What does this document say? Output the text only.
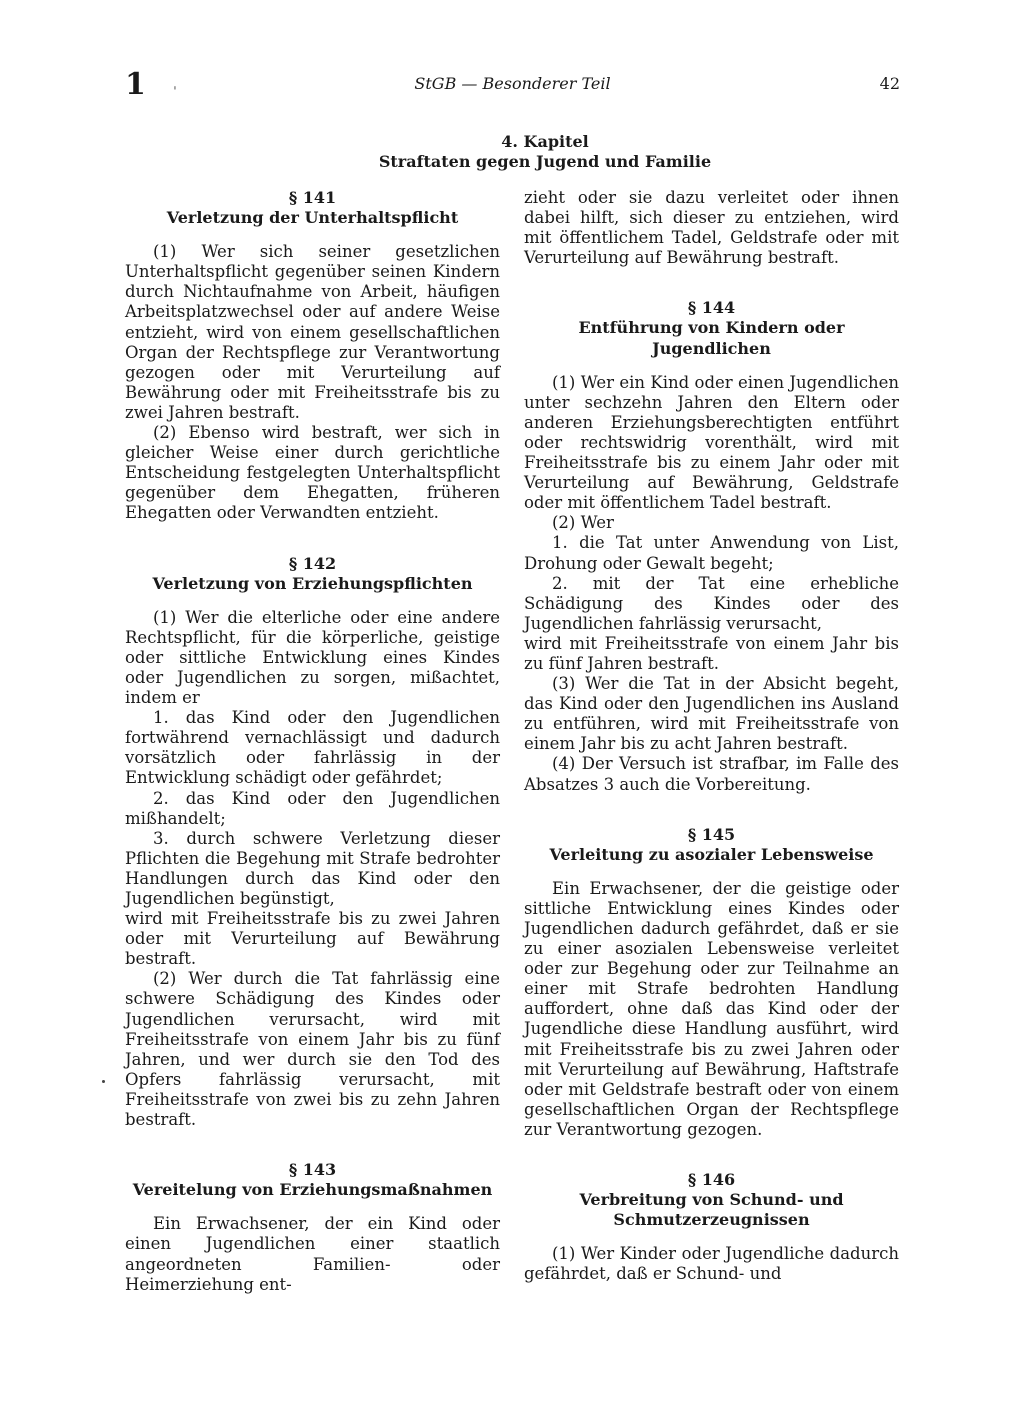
1 ˌ	StGB — Besonderer Teil	42
4. Kapitel
Straftaten gegen Jugend und Familie
§ 141
Verletzung der Unterhaltspflicht

(1) Wer sich seiner gesetzlichen Unterhaltspflicht gegenüber seinen Kindern durch Nichtaufnahme von Arbeit, häufigen Arbeitsplatzwechsel oder auf andere Weise entzieht, wird von einem gesellschaftlichen Organ der Rechtspflege zur Verantwortung gezogen oder mit Verurteilung auf Bewährung oder mit Freiheitsstrafe bis zu zwei Jahren bestraft.

(2) Ebenso wird bestraft, wer sich in gleicher Weise einer durch gerichtliche Entscheidung festgelegten Unterhaltspflicht gegenüber dem Ehegatten, früheren Ehegatten oder Verwandten entzieht.

§ 142
Verletzung von Erziehungspflichten

(1) Wer die elterliche oder eine andere Rechtspflicht, für die körperliche, geistige oder sittliche Entwicklung eines Kindes oder Jugendlichen zu sorgen, mißachtet, indem er

1. das Kind oder den Jugendlichen fortwährend vernachlässigt und dadurch vorsätzlich oder fahrlässig in der Entwicklung schädigt oder gefährdet;

2. das Kind oder den Jugendlichen mißhandelt;

3. durch schwere Verletzung dieser Pflichten die Begehung mit Strafe bedrohter Handlungen durch das Kind oder den Jugendlichen begünstigt,

wird mit Freiheitsstrafe bis zu zwei Jahren oder mit Verurteilung auf Bewährung bestraft.

(2) Wer durch die Tat fahrlässig eine schwere Schädigung des Kindes oder Jugendlichen verursacht, wird mit Freiheitsstrafe von einem Jahr bis zu fünf Jahren, und wer durch sie den Tod des Opfers fahrlässig verursacht, mit Freiheitsstrafe von zwei bis zu zehn Jahren bestraft.

§ 143
Vereitelung von Erziehungsmaßnahmen

Ein Erwachsener, der ein Kind oder einen Jugendlichen einer staatlich angeordneten Familien- oder Heimerziehung ent-

zieht oder sie dazu verleitet oder ihnen dabei hilft, sich dieser zu entziehen, wird mit öffentlichem Tadel, Geldstrafe oder mit Verurteilung auf Bewährung bestraft.

§ 144
Entführung von Kindern oder Jugendlichen

(1) Wer ein Kind oder einen Jugendlichen unter sechzehn Jahren den Eltern oder anderen Erziehungsberechtigten entführt oder rechtswidrig vorenthält, wird mit Freiheitsstrafe bis zu einem Jahr oder mit Verurteilung auf Bewährung, Geldstrafe oder mit öffentlichem Tadel bestraft.

(2) Wer

1. die Tat unter Anwendung von List, Drohung oder Gewalt begeht;

2. mit der Tat eine erhebliche Schädigung des Kindes oder des Jugendlichen fahrlässig verursacht,

wird mit Freiheitsstrafe von einem Jahr bis zu fünf Jahren bestraft.

(3) Wer die Tat in der Absicht begeht, das Kind oder den Jugendlichen ins Ausland zu entführen, wird mit Freiheitsstrafe von einem Jahr bis zu acht Jahren bestraft.

(4) Der Versuch ist strafbar, im Falle des Absatzes 3 auch die Vorbereitung.

§ 145
Verleitung zu asozialer Lebensweise

Ein Erwachsener, der die geistige oder sittliche Entwicklung eines Kindes oder Jugendlichen dadurch gefährdet, daß er sie zu einer asozialen Lebensweise verleitet oder zur Begehung oder zur Teilnahme an einer mit Strafe bedrohten Handlung auffordert, ohne daß das Kind oder der Jugendliche diese Handlung ausführt, wird mit Freiheitsstrafe bis zu zwei Jahren oder mit Verurteilung auf Bewährung, Haftstrafe oder mit Geldstrafe bestraft oder von einem gesellschaftlichen Organ der Rechtspflege zur Verantwortung gezogen.

§ 146
Verbreitung von Schund- und
Schmutzerzeugnissen

(1) Wer Kinder oder Jugendliche dadurch gefährdet, daß er Schund- und
